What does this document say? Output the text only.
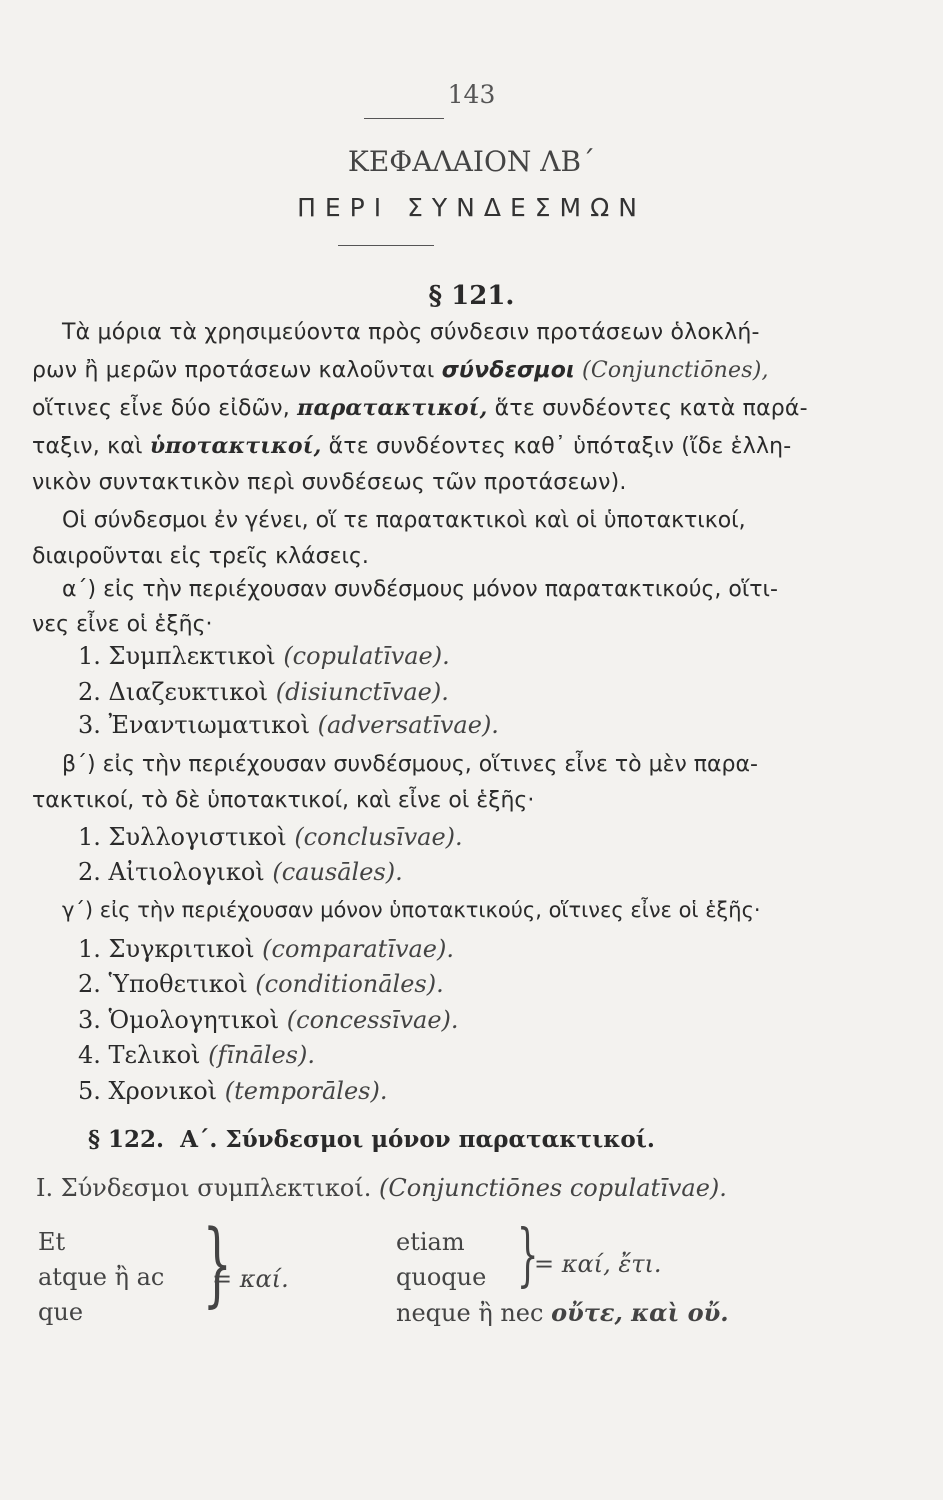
143
ΚΕΦΑΛΑΙΟΝ ΛΒ΄
ΠΕΡΙ ΣΥΝΔΕΣΜΩΝ
§ 121.
Τὰ μόρια τὰ χρησιμεύοντα πρὸς σύνδεσιν προτάσεων ὁλοκλή-
ρων ἢ μερῶν προτάσεων καλοῦνται σύνδεσμοι (Conjunctiōnes),
οἵτινες εἶνε δύο εἰδῶν, παρατακτικοί, ἅτε συνδέοντες κατὰ παρά-
ταξιν, καὶ ὑποτακτικοί, ἅτε συνδέοντες καθ᾽ ὑπόταξιν (ἴδε ἑλλη-
νικὸν συντακτικὸν περὶ συνδέσεως τῶν προτάσεων).
Οἱ σύνδεσμοι ἐν γένει, οἵ τε παρατακτικοὶ καὶ οἱ ὑποτακτικοί,
διαιροῦνται εἰς τρεῖς κλάσεις.
α΄) εἰς τὴν περιέχουσαν συνδέσμους μόνον παρατακτικούς, οἵτι-
νες εἶνε οἱ ἑξῆς·
1. Συμπλεκτικοὶ (copulatīvae).
2. Διαζευκτικοὶ (disiunctīvae).
3. Ἐναντιωματικοὶ (adversatīvae).
β΄) εἰς τὴν περιέχουσαν συνδέσμους, οἵτινες εἶνε τὸ μὲν παρα-
τακτικοί, τὸ δὲ ὑποτακτικοί, καὶ εἶνε οἱ ἑξῆς·
1. Συλλογιστικοὶ (conclusīvae).
2. Αἰτιολογικοὶ (causāles).
γ΄) εἰς τὴν περιέχουσαν μόνον ὑποτακτικούς, οἵτινες εἶνε οἱ ἑξῆς·
1. Συγκριτικοὶ (comparatīvae).
2. Ὑποθετικοὶ (conditionāles).
3. Ὁμολογητικοὶ (concessīvae).
4. Τελικοὶ (fīnāles).
5. Χρονικοὶ (temporāles).
§ 122. Α΄. Σύνδεσμοι μόνον παρατακτικοί.
Ι. Σύνδεσμοι συμπλεκτικοί. (Conjunctiōnes copulatīvae).
Et
atque ἢ ac
que }
= καί.
etiam
quoque }
= καί, ἔτι.
neque ἢ nec οὔτε, καὶ οὔ.
